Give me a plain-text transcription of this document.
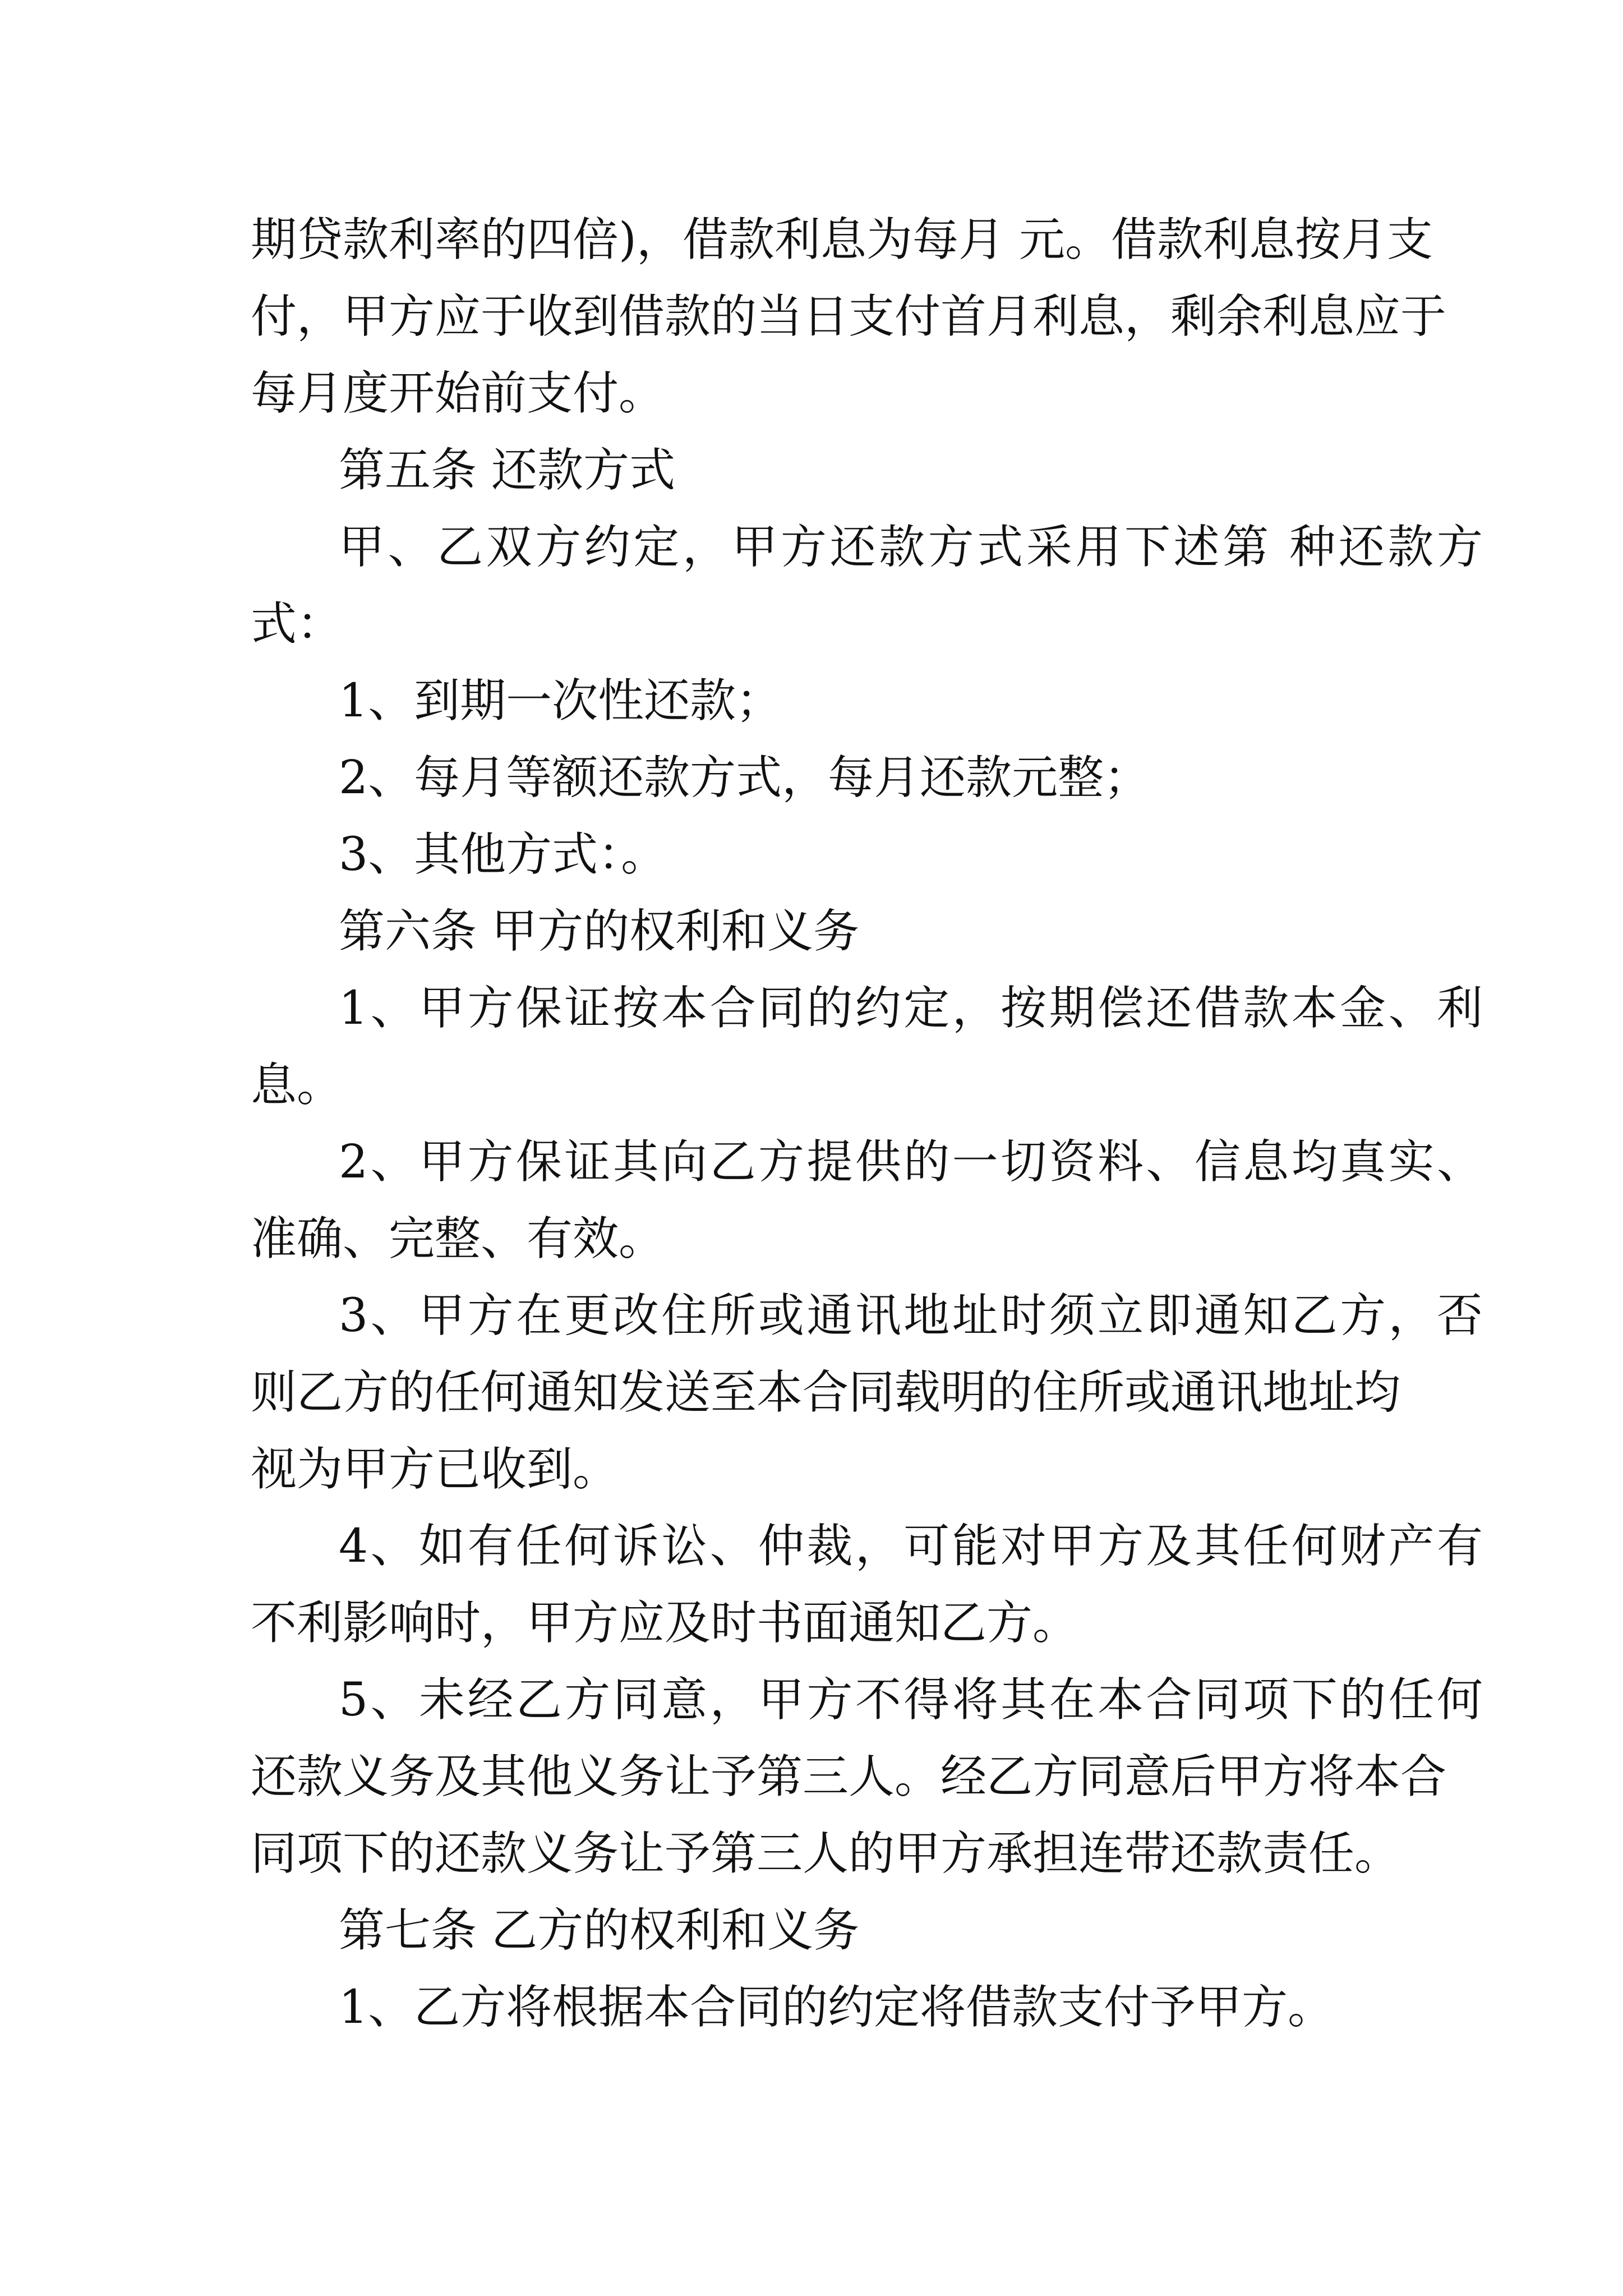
期贷款利率的四倍)，借款利息为每月 元。借款利息按月支
付，甲方应于收到借款的当日支付首月利息，剩余利息应于
每月度开始前支付。
第五条 还款方式
甲、乙双方约定，甲方还款方式采用下述第 种还款方
式：
1、到期一次性还款；
2、每月等额还款方式，每月还款元整；
3、其他方式：。
第六条 甲方的权利和义务
1、甲方保证按本合同的约定，按期偿还借款本金、利
息。
2、甲方保证其向乙方提供的一切资料、信息均真实、
准确、完整、有效。
3、甲方在更改住所或通讯地址时须立即通知乙方，否
则乙方的任何通知发送至本合同载明的住所或通讯地址均
视为甲方已收到。
4、如有任何诉讼、仲裁，可能对甲方及其任何财产有
不利影响时，甲方应及时书面通知乙方。
5、未经乙方同意，甲方不得将其在本合同项下的任何
还款义务及其他义务让予第三人。经乙方同意后甲方将本合
同项下的还款义务让予第三人的甲方承担连带还款责任。
第七条 乙方的权利和义务
1、乙方将根据本合同的约定将借款支付予甲方。
